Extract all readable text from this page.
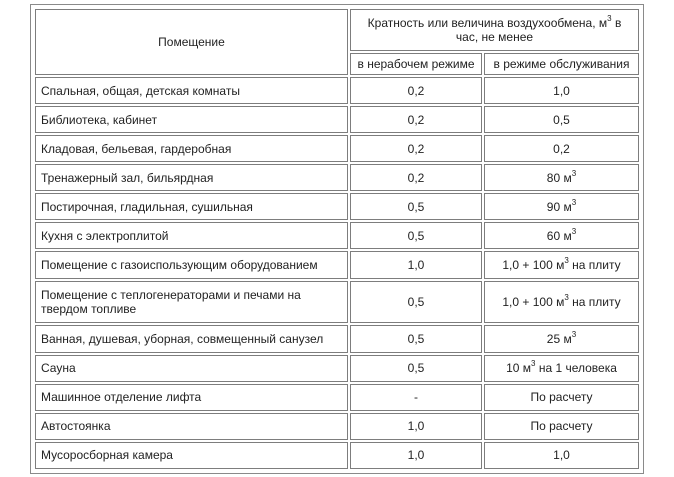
Помещение	Кратность или величина воздухообмена, $м^3$ в час, не менее	
	в нерабочем режиме	в режиме обслуживания
Спальная, общая, детская комнаты	0,2	1,0
Библиотека, кабинет	0,2	0,5
Кладовая, бельевая, гардеробная	0,2	0,2
Тренажерный зал, бильярдная	0,2	80 $м^3$
Постирочная, гладильная, сушильная	0,5	90 $м^3$
Кухня с электроплитой	0,5	60 $м^3$
Помещение с газоиспользующим оборудованием	1,0	1,0 + 100 $м^3$ на плиту
Помещение с теплогенераторами и печами на твердом топливе	0,5	1,0 + 100 $м^3$ на плиту
Ванная, душевая, уборная, совмещенный санузел	0,5	25 $м^3$
Сауна	0,5	10 $м^3$ на 1 человека
Машинное отделение лифта	-	По расчету
Автостоянка	1,0	По расчету
Мусоросборная камера	1,0	1,0
